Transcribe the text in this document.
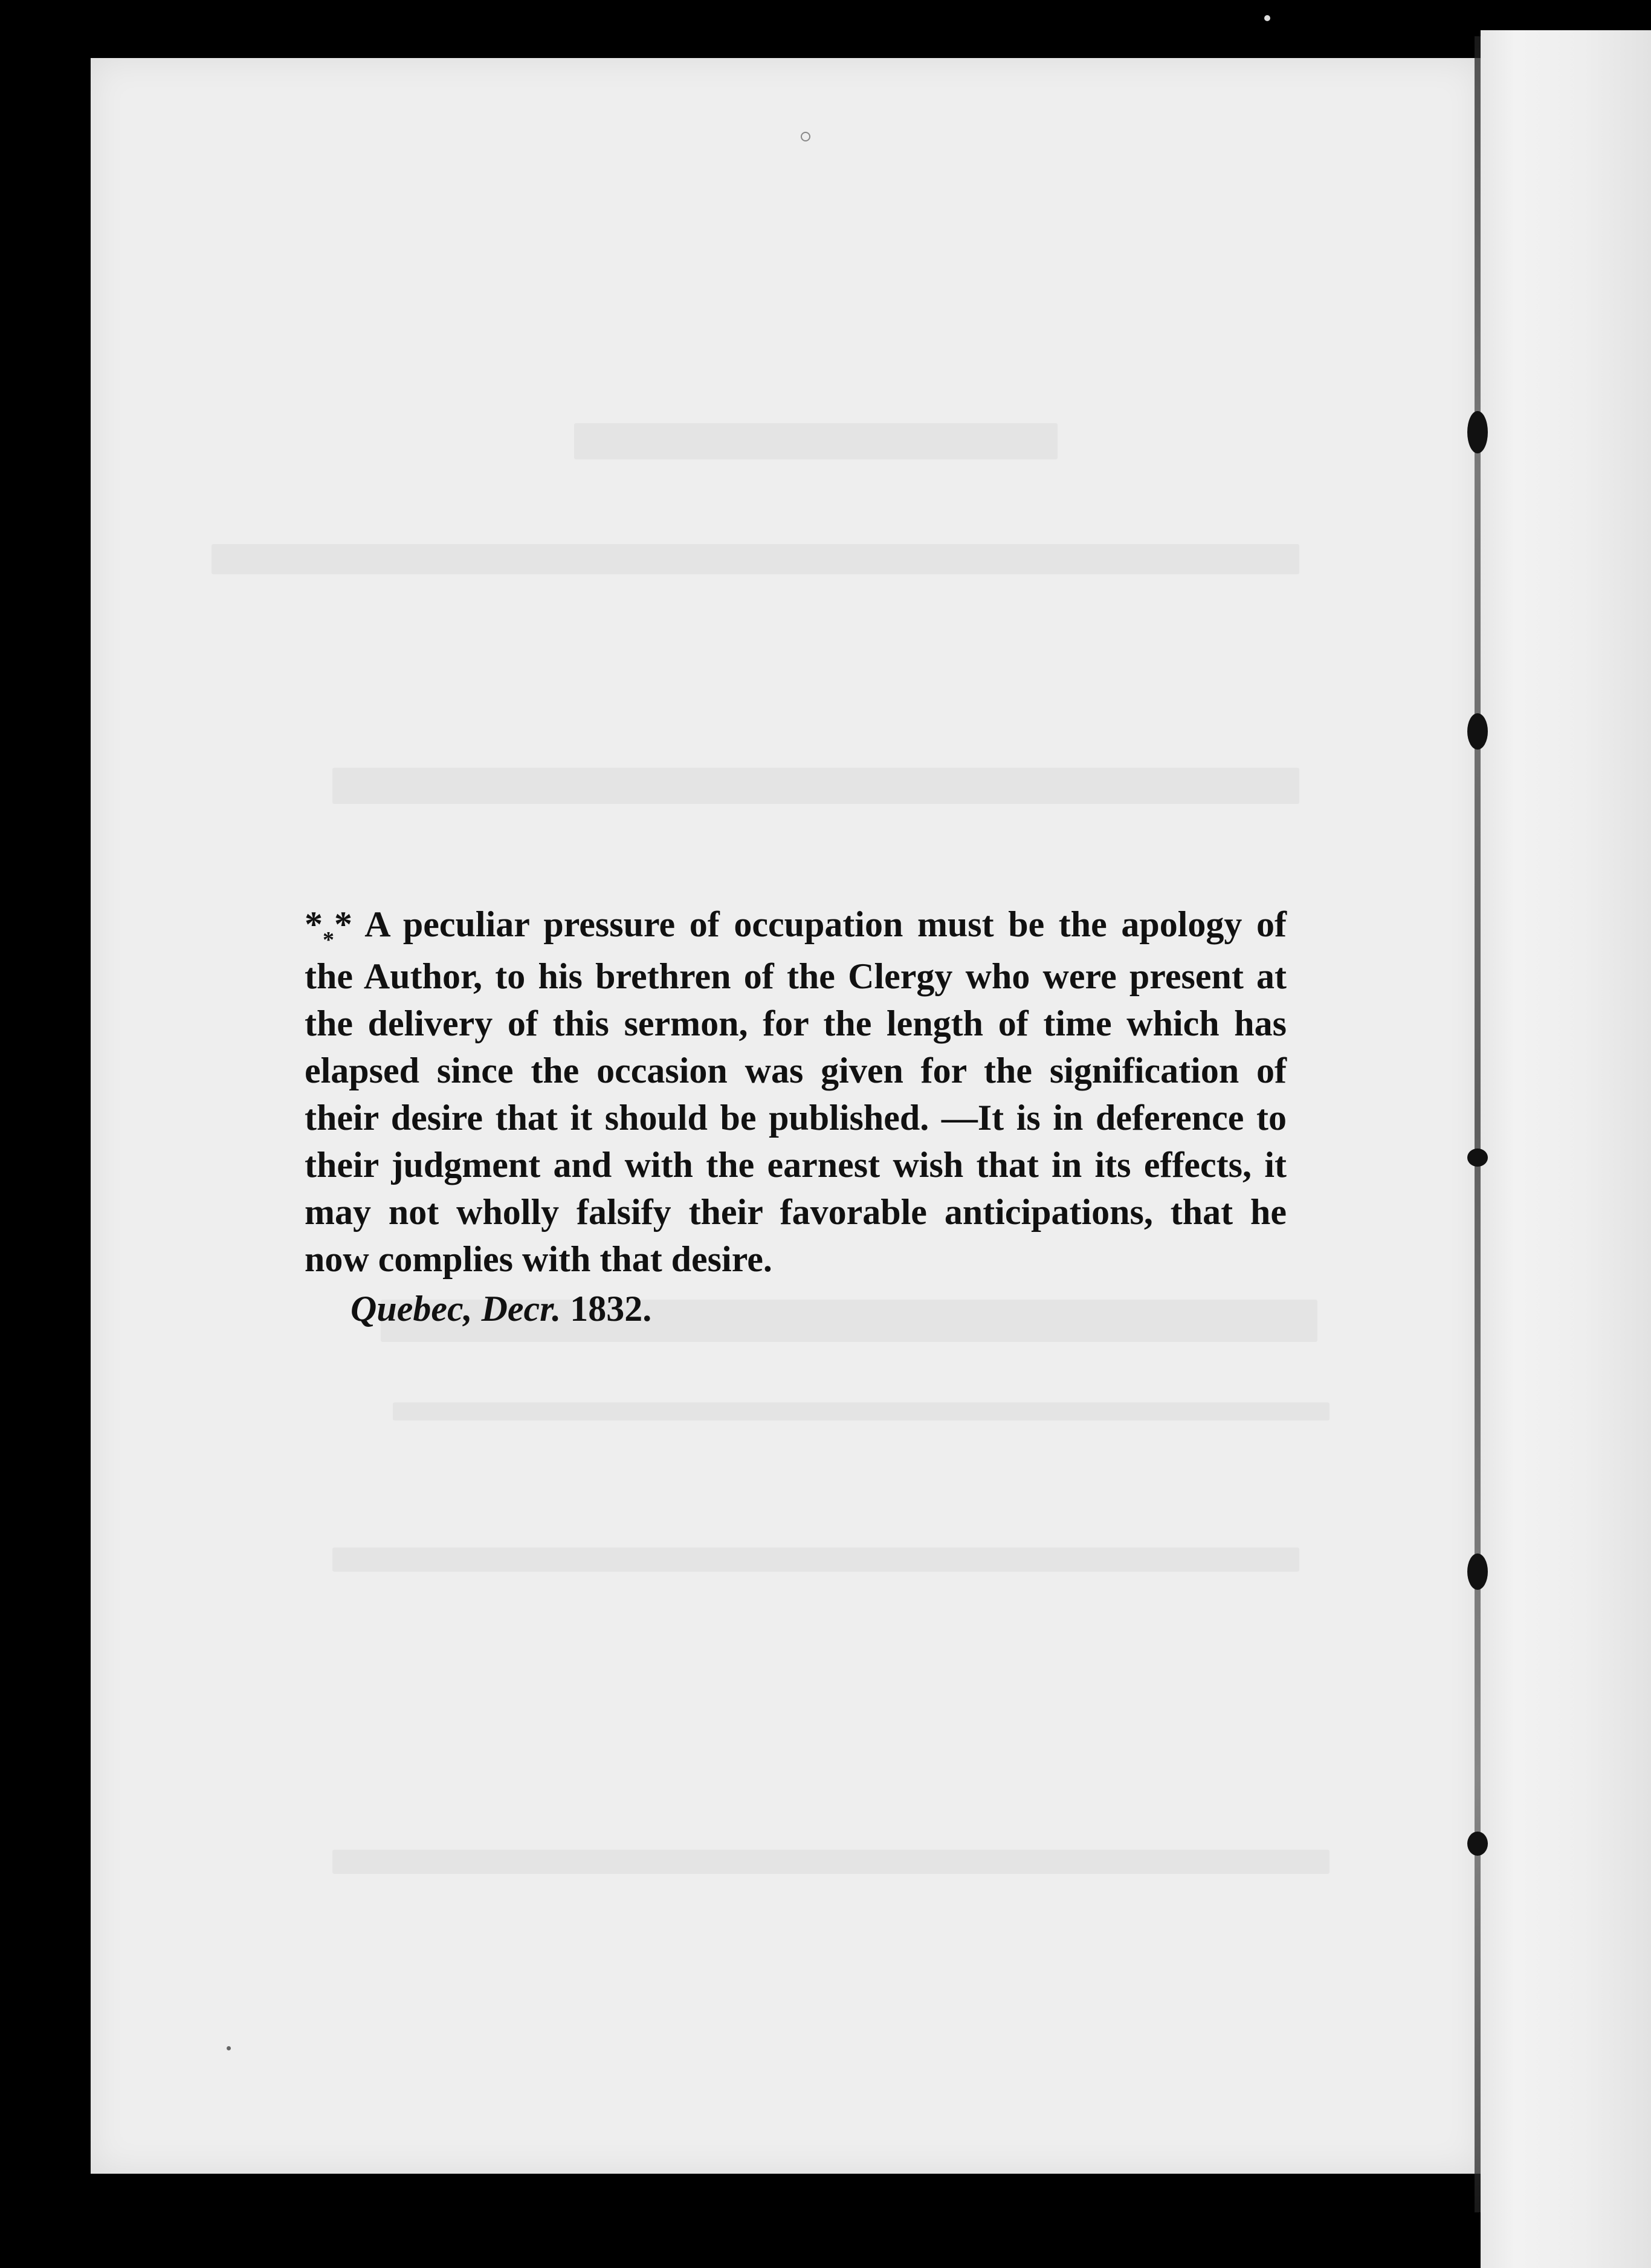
$*_**$ A peculiar pressure of occupation must be the apology of the Author, to his brethren of the Clergy who were present at the delivery of this sermon, for the length of time which has elapsed since the occasion was given for the signification of their desire that it should be published. —It is in deference to their judgment and with the earnest wish that in its effects, it may not wholly falsify their favorable anticipations, that he now complies with that desire.

Quebec, Decr. 1832.
